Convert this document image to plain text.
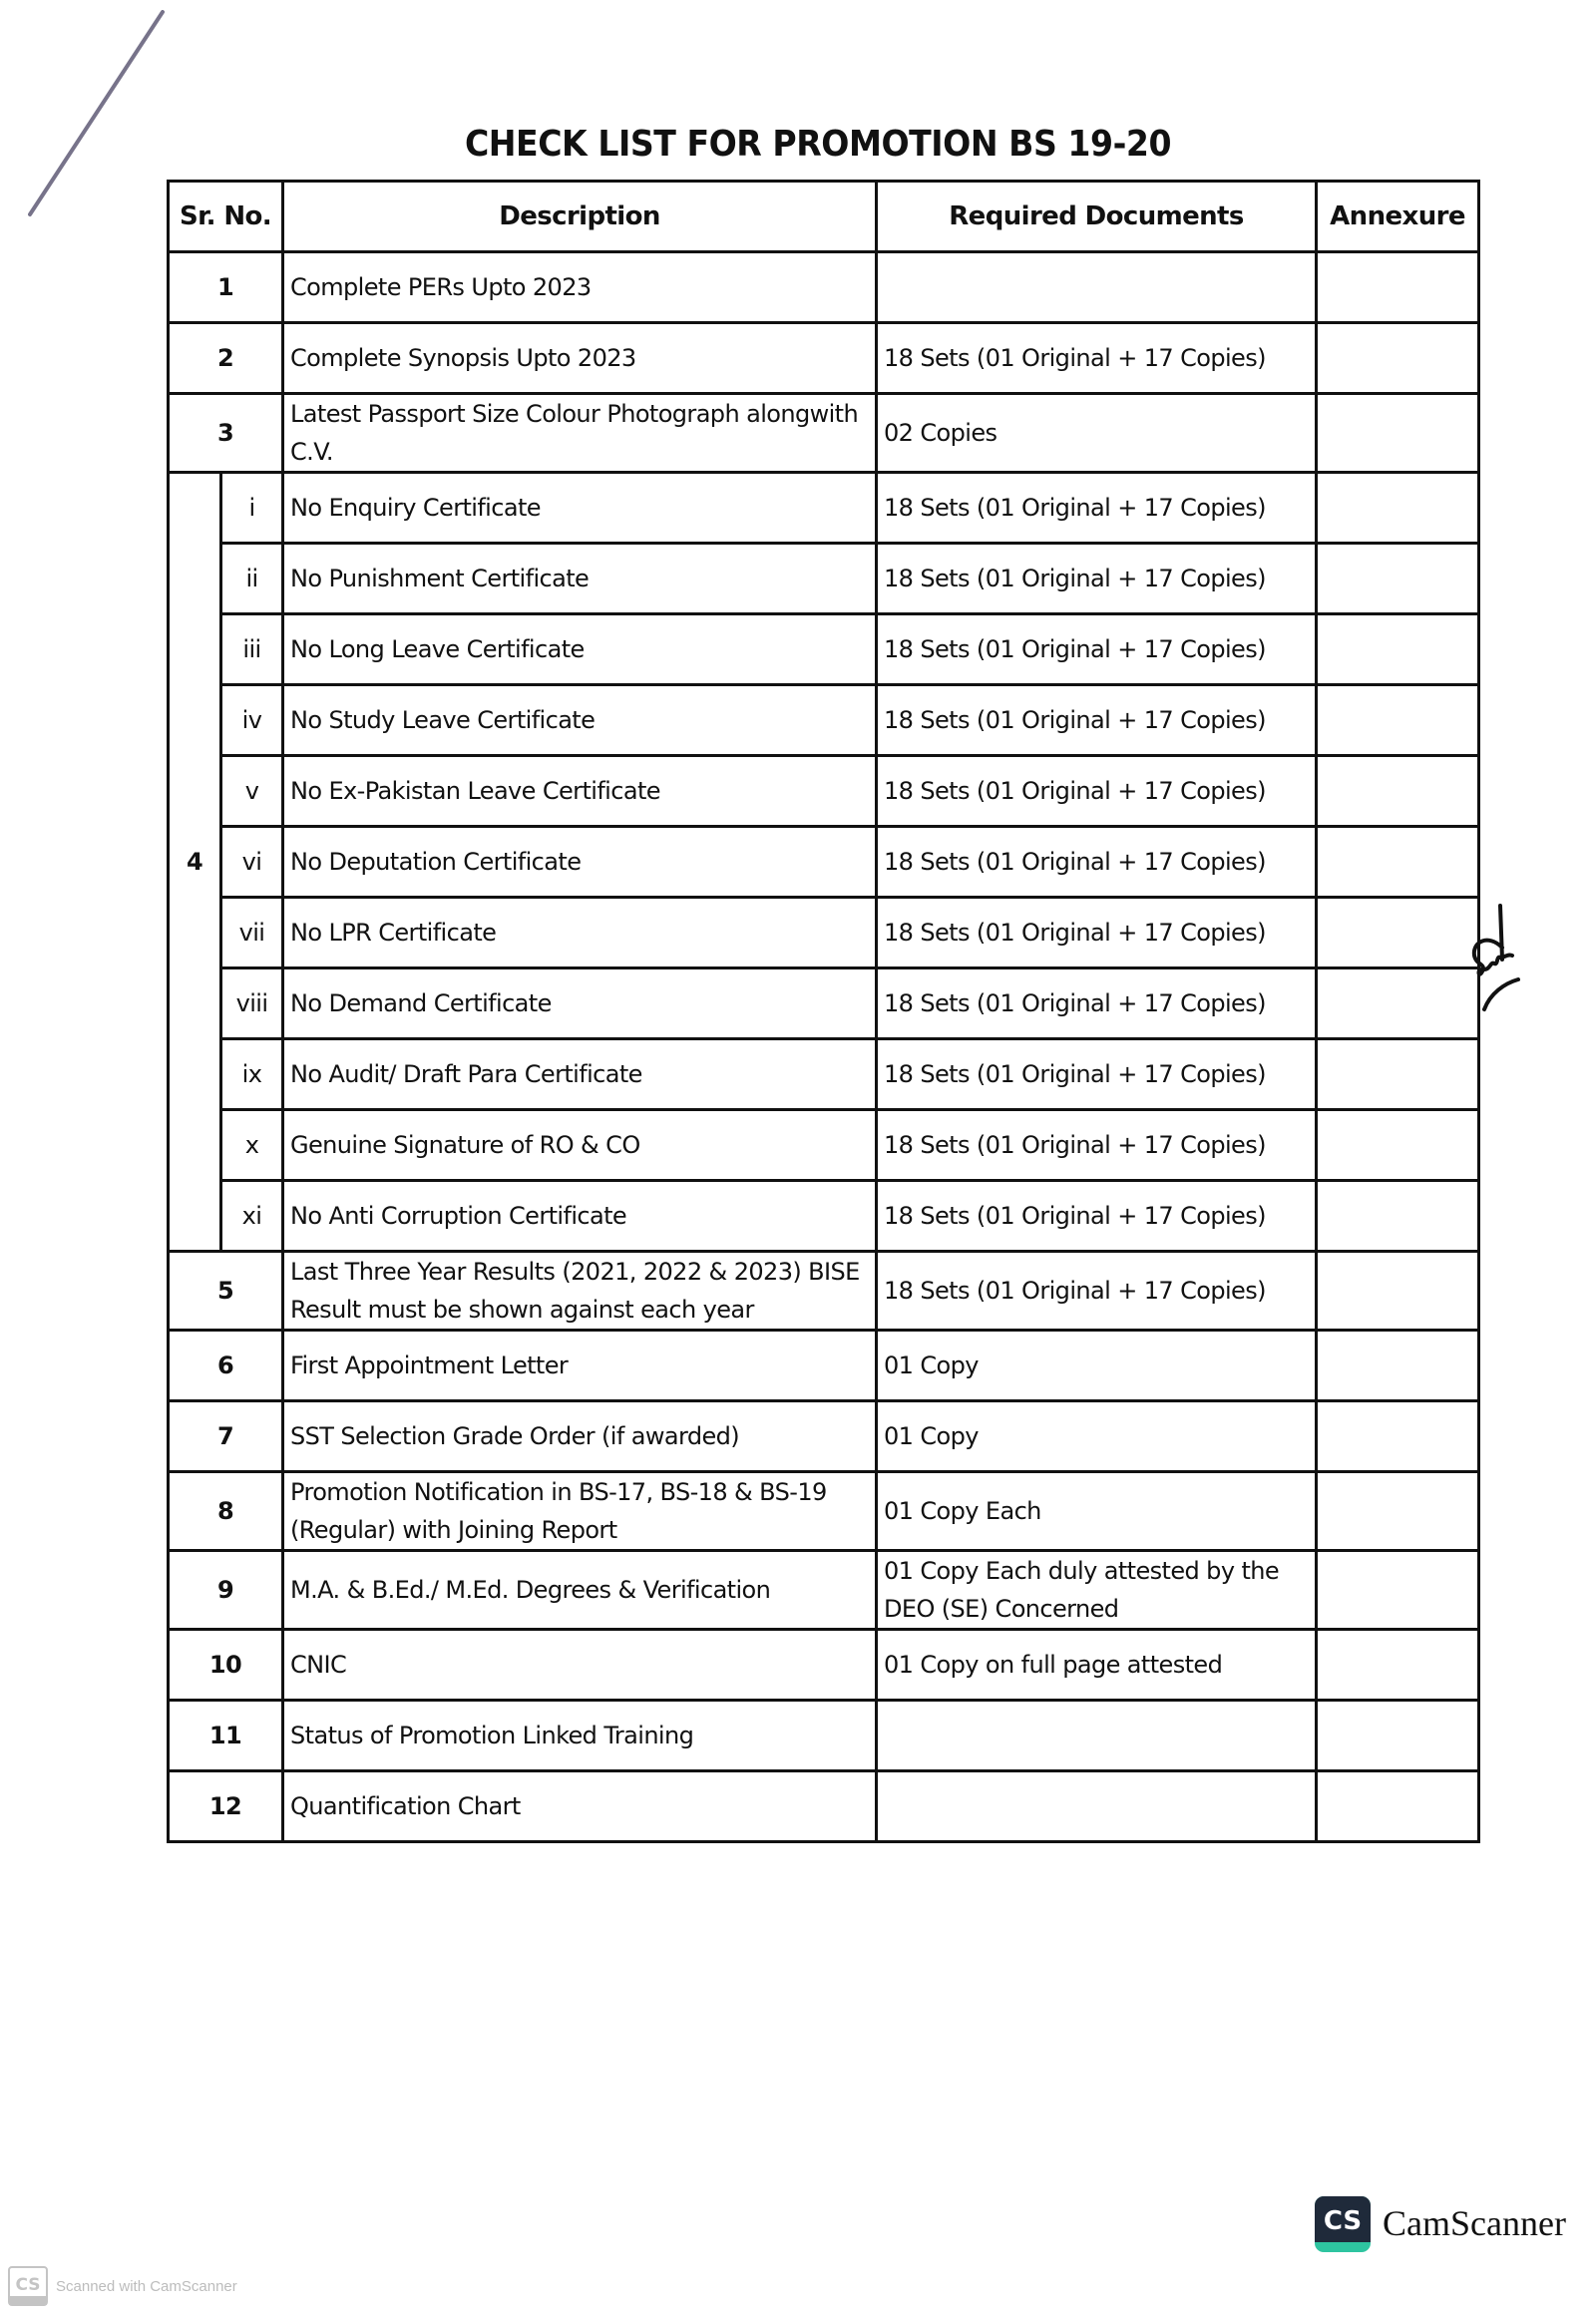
CHECK LIST FOR PROMOTION BS 19-20
Sr. No.		Description	Required Documents	Annexure
1		Complete PERs Upto 2023		
2		Complete Synopsis Upto 2023	18 Sets (01 Original + 17 Copies)	
3		Latest Passport Size Colour Photograph alongwith C.V.	02 Copies	
4	i	No Enquiry Certificate	18 Sets (01 Original + 17 Copies)	
	ii	No Punishment Certificate	18 Sets (01 Original + 17 Copies)	
	iii	No Long Leave Certificate	18 Sets (01 Original + 17 Copies)	
	iv	No Study Leave Certificate	18 Sets (01 Original + 17 Copies)	
	v	No Ex-Pakistan Leave Certificate	18 Sets (01 Original + 17 Copies)	
	vi	No Deputation Certificate	18 Sets (01 Original + 17 Copies)	
	vii	No LPR Certificate	18 Sets (01 Original + 17 Copies)	
	viii	No Demand Certificate	18 Sets (01 Original + 17 Copies)	
	ix	No Audit/ Draft Para Certificate	18 Sets (01 Original + 17 Copies)	
	x	Genuine Signature of RO & CO	18 Sets (01 Original + 17 Copies)	
	xi	No Anti Corruption Certificate	18 Sets (01 Original + 17 Copies)	
5		Last Three Year Results (2021, 2022 & 2023) BISE Result must be shown against each year	18 Sets (01 Original + 17 Copies)	
6		First Appointment Letter	01 Copy	
7		SST Selection Grade Order (if awarded)	01 Copy	
8		Promotion Notification in BS-17, BS-18 & BS-19 (Regular) with Joining Report	01 Copy Each	
9		M.A. & B.Ed./ M.Ed. Degrees & Verification	01 Copy Each duly attested by the DEO (SE) Concerned	
10		CNIC	01 Copy on full page attested	
11		Status of Promotion Linked Training		
12		Quantification Chart		
CS CamScanner
CS Scanned with CamScanner
